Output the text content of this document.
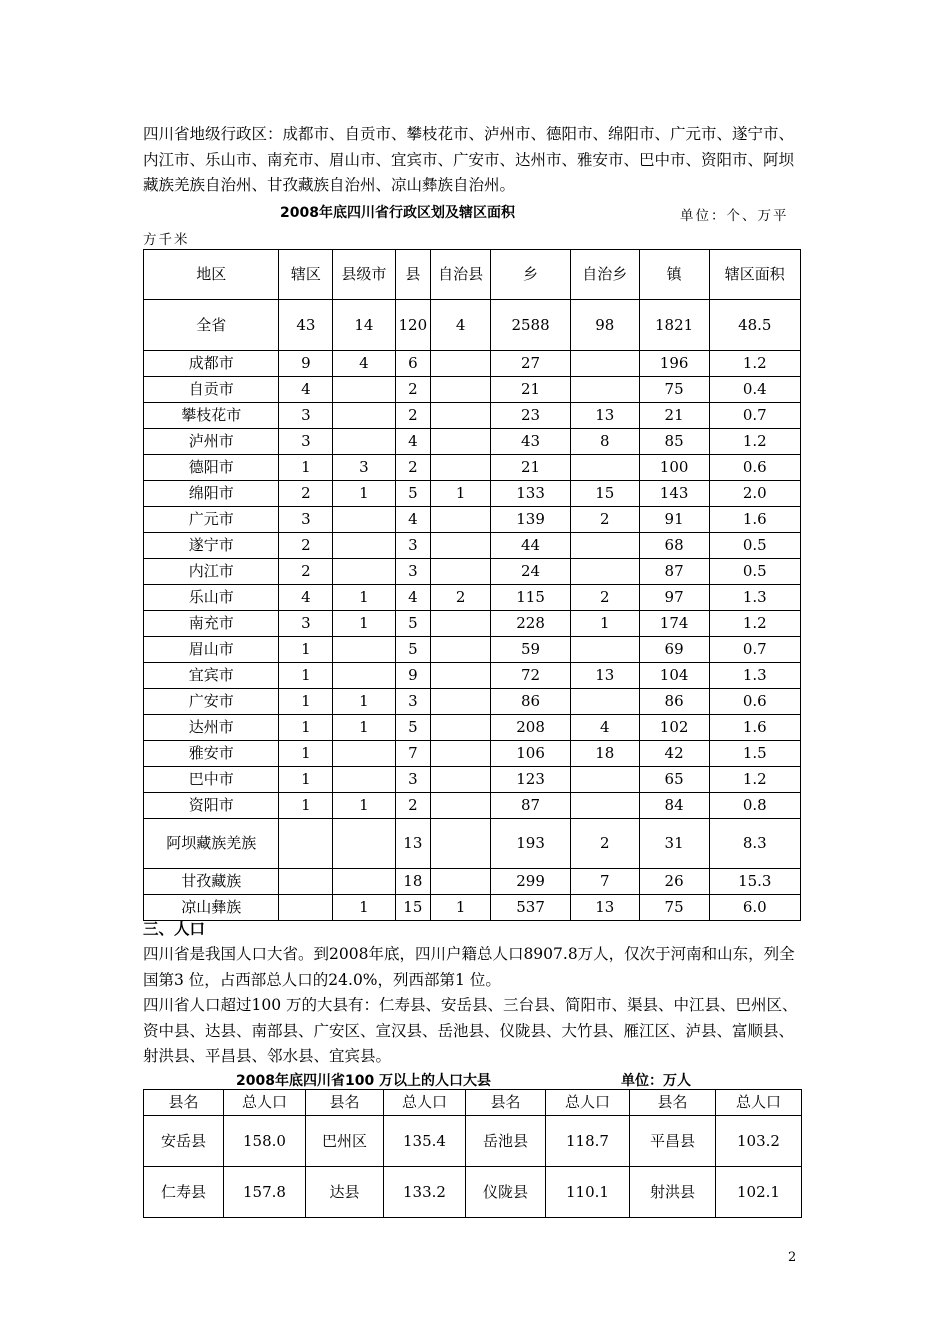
四川省地级行政区：成都市、自贡市、攀枝花市、泸州市、德阳市、绵阳市、广元市、遂宁市、内江市、乐山市、南充市、眉山市、宜宾市、广安市、达州市、雅安市、巴中市、资阳市、阿坝藏族羌族自治州、甘孜藏族自治州、凉山彝族自治州。
2008年底四川省行政区划及辖区面积	单位：个、万平
方千米
地区	辖区	县级市	县	自治县	乡	自治乡	镇	辖区面积
全省	43	14	120	4	2588	98	1821	48.5
成都市	9	4	6		27		196	1.2
自贡市	4		2		21		75	0.4
攀枝花市	3		2		23	13	21	0.7
泸州市	3		4		43	8	85	1.2
德阳市	1	3	2		21		100	0.6
绵阳市	2	1	5	1	133	15	143	2.0
广元市	3		4		139	2	91	1.6
遂宁市	2		3		44		68	0.5
内江市	2		3		24		87	0.5
乐山市	4	1	4	2	115	2	97	1.3
南充市	3	1	5		228	1	174	1.2
眉山市	1		5		59		69	0.7
宜宾市	1		9		72	13	104	1.3
广安市	1	1	3		86		86	0.6
达州市	1	1	5		208	4	102	1.6
雅安市	1		7		106	18	42	1.5
巴中市	1		3		123		65	1.2
资阳市	1	1	2		87		84	0.8
阿坝藏族羌族			13		193	2	31	8.3
甘孜藏族			18		299	7	26	15.3
凉山彝族		1	15	1	537	13	75	6.0
三、人口
四川省是我国人口大省。到2008年底，四川户籍总人口8907.8万人，仅次于河南和山东，列全国第3 位，占西部总人口的24.0%，列西部第1 位。
四川省人口超过100 万的大县有：仁寿县、安岳县、三台县、简阳市、渠县、中江县、巴州区、资中县、达县、南部县、广安区、宣汉县、岳池县、仪陇县、大竹县、雁江区、泸县、富顺县、射洪县、平昌县、邻水县、宜宾县。
2008年底四川省100 万以上的人口大县	单位：万人
县名	总人口	县名	总人口	县名	总人口	县名	总人口
安岳县	158.0	巴州区	135.4	岳池县	118.7	平昌县	103.2
仁寿县	157.8	达县	133.2	仪陇县	110.1	射洪县	102.1
2
